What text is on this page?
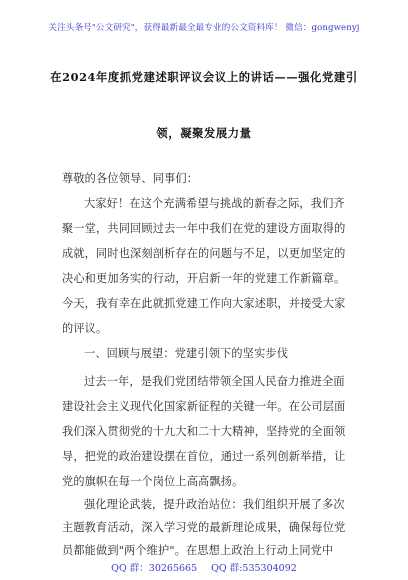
关注头条号"公文研究"，获得最新最全最专业的公文资料库！ 微信：gongwenyj
在2024年度抓党建述职评议会议上的讲话——强化党建引
领，凝聚发展力量
尊敬的各位领导、同事们：
大家好！在这个充满希望与挑战的新春之际，我们齐
聚一堂，共同回顾过去一年中我们在党的建设方面取得的
成就，同时也深刻剖析存在的问题与不足，以更加坚定的
决心和更加务实的行动，开启新一年的党建工作新篇章。
今天，我有幸在此就抓党建工作向大家述职，并接受大家
的评议。
一、回顾与展望：党建引领下的坚实步伐
过去一年，是我们党团结带领全国人民奋力推进全面
建设社会主义现代化国家新征程的关键一年。在公司层面
我们深入贯彻党的十九大和二十大精神，坚持党的全面领
导，把党的政治建设摆在首位，通过一系列创新举措，让
党的旗帜在每一个岗位上高高飘扬。
强化理论武装，提升政治站位：我们组织开展了多次
主题教育活动，深入学习党的最新理论成果，确保每位党
员都能做到"两个维护"。在思想上政治上行动上同党中
QQ 群：30265665 QQ 群:535304092
